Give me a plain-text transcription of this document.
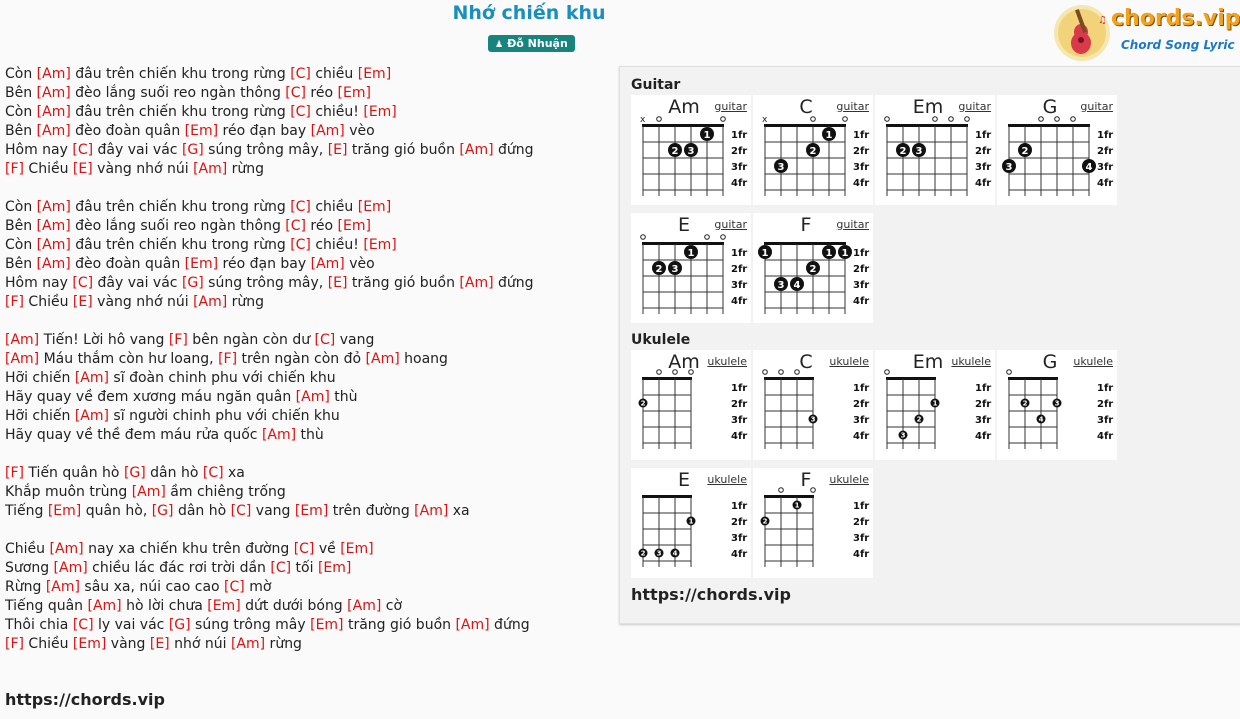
Nhớ chiến khu
♟ Đỗ Nhuận
♫ chords.vip
Chord Song Lyric
Còn [Am] đâu trên chiến khu trong rừng [C] chiều [Em]
Bên [Am] đèo lắng suối reo ngàn thông [C] réo [Em]
Còn [Am] đâu trên chiến khu trong rừng [C] chiều! [Em]
Bên [Am] đèo đoàn quân [Em] réo đạn bay [Am] vèo
Hôm nay [C] đây vai vác [G] súng trông mây, [E] trăng gió buồn [Am] đứng
[F] Chiều [E] vàng nhớ núi [Am] rừng
Còn [Am] đâu trên chiến khu trong rừng [C] chiều [Em]
Bên [Am] đèo lắng suối reo ngàn thông [C] réo [Em]
Còn [Am] đâu trên chiến khu trong rừng [C] chiều! [Em]
Bên [Am] đèo đoàn quân [Em] réo đạn bay [Am] vèo
Hôm nay [C] đây vai vác [G] súng trông mây, [E] trăng gió buồn [Am] đứng
[F] Chiều [E] vàng nhớ núi [Am] rừng
[Am] Tiến! Lời hô vang [F] bên ngàn còn dư [C] vang
[Am] Máu thắm còn hư loang, [F] trên ngàn còn đỏ [Am] hoang
Hỡi chiến [Am] sĩ đoàn chinh phu với chiến khu
Hãy quay về đem xương máu ngăn quân [Am] thù
Hỡi chiến [Am] sĩ người chinh phu với chiến khu
Hãy quay về thề đem máu rửa quốc [Am] thù
[F] Tiến quân hò [G] dân hò [C] xa
Khắp muôn trùng [Am] ầm chiêng trống
Tiếng [Em] quân hò, [G] dân hò [C] vang [Em] trên đường [Am] xa
Chiều [Am] nay xa chiến khu trên đường [C] về [Em]
Sương [Am] chiều lác đác rơi trời dần [C] tối [Em]
Rừng [Am] sâu xa, núi cao cao [C] mờ
Tiếng quân [Am] hò lời chưa [Em] dứt dưới bóng [Am] cờ
Thôi chia [C] ly vai vác [G] súng trông mây [Em] trăng gió buồn [Am] đứng
[F] Chiều [Em] vàng [E] nhớ núi [Am] rừng
https://chords.vip
Guitar
Ukulele
https://chords.vip
Am	guitar
1fr
2fr
3fr
4fr
x
1
2 3
C	guitar
1fr
2fr
3fr
4fr
x
1
2
3
Em	guitar
1fr
2fr
3fr
4fr
2 3
G	guitar
1fr
2fr
3fr
4fr
2
3	4
E	guitar
1fr
2fr
3fr
4fr
1
2 3
F	guitar
1fr
2fr
3fr
4fr
1	1 1
2
3 4
Am ukulele
1fr
2fr
3fr
4fr
2
C	ukulele
1fr
2fr
3fr
4fr
3
Em ukulele
1fr
2fr
3fr
4fr
1
2
3
G	ukulele
1fr
2fr
3fr
4fr
2	3
4
E	ukulele
1fr
2fr
3fr
4fr
1
2 3 4
F	ukulele
1fr
2fr
3fr
4fr
1
2
